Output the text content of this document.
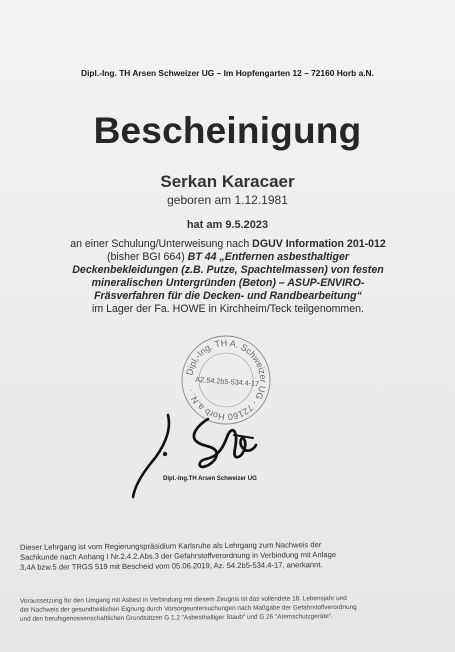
Dipl.-Ing. TH Arsen Schweizer UG – Im Hopfengarten 12 – 72160 Horb a.N.
Bescheinigung
Serkan Karacaer
geboren am 1.12.1981
hat am 9.5.2023
an einer Schulung/Unterweisung nach DGUV Information 201-012
(bisher BGI 664) BT 44 „Entfernen asbesthaltiger
Deckenbekleidungen (z.B. Putze, Spachtelmassen) von festen
mineralischen Untergründen (Beton) – ASUP-ENVIRO-
Fräsverfahren für die Decken- und Randbearbeitung“
im Lager der Fa. HOWE in Kirchheim/Teck teilgenommen.
Dipl.-Ing. TH A. Schweizer UG · 72160 Horb a.N. ·
AZ.54.2b5-534.4-17
Dipl.-Ing.TH Arsen Schweizer UG
Dieser Lehrgang ist vom Regierungspräsidium Karlsruhe als Lehrgang zum Nachweis der
Sachkunde nach Anhang I Nr.2.4.2.Abs.3 der Gefahrstoffverordnung in Verbindung mit Anlage
3,4A bzw.5 der TRGS 519 mit Bescheid vom 05.06.2019, Az. 54.2b5-534.4-17, anerkannt.
Voraussetzung für den Umgang mit Asbest in Verbindung mit diesem Zeugnis ist das vollendete 18. Lebensjahr und
der Nachweis der gesundheitlichen Eignung durch Vorsorgeuntersuchungen nach Maßgabe der Gefahrstoffverordnung
und den berufsgenossenschaftlichen Grundsätzen G 1.2 "Asbesthaltiger Staub" und G 26 "Atemschutzgeräte".
